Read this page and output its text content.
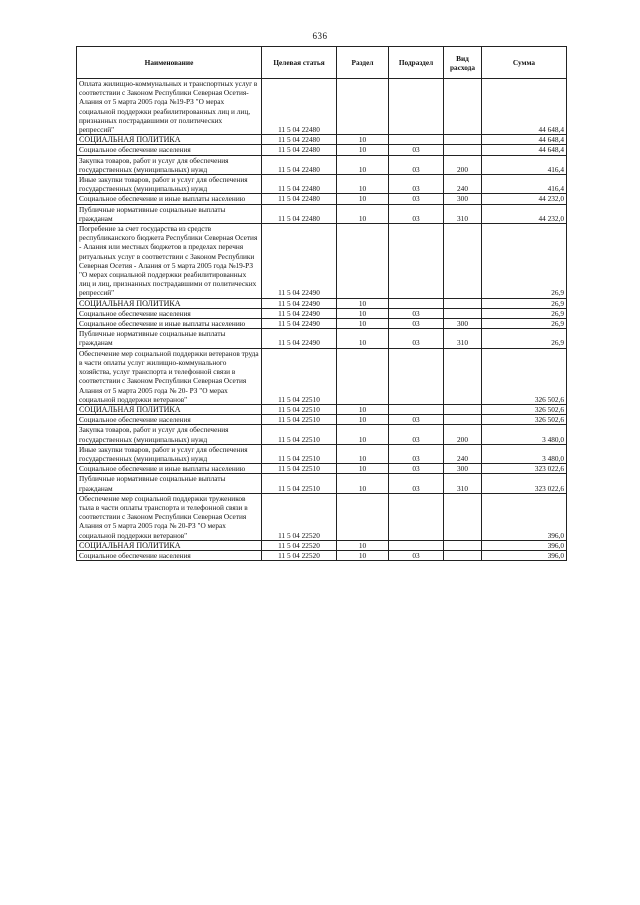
636
Наименование	Целевая статья	Раздел	Подраздел	Вид расхода	Сумма
Оплата жилищно-коммунальных и транспортных услуг в соответствии с Законом Республики Северная Осетия-Алания от 5 марта 2005 года №19-РЗ "О мерах социальной поддержки реабилитированных лиц и лиц, признанных пострадавшими от политических репрессий"	11 5 04 22480				44 648,4
СОЦИАЛЬНАЯ ПОЛИТИКА	11 5 04 22480	10			44 648,4
Социальное обеспечение населения	11 5 04 22480	10	03		44 648,4
Закупка товаров, работ и услуг для обеспечения государственных (муниципальных) нужд	11 5 04 22480	10	03	200	416,4
Иные закупки товаров, работ и услуг для обеспечения государственных (муниципальных) нужд	11 5 04 22480	10	03	240	416,4
Социальное обеспечение и иные выплаты населению	11 5 04 22480	10	03	300	44 232,0
Публичные нормативные социальные выплаты гражданам	11 5 04 22480	10	03	310	44 232,0
Погребение за счет государства из средств республиканского бюджета Республики Северная Осетия - Алания или местных бюджетов в пределах перечня ритуальных услуг в соответствии с Законом Республики Северная Осетия - Алания от 5 марта 2005 года №19-РЗ "О мерах социальной поддержки реабилитированных лиц и лиц, признанных пострадавшими от политических репрессий"	11 5 04 22490				26,9
СОЦИАЛЬНАЯ ПОЛИТИКА	11 5 04 22490	10			26,9
Социальное обеспечение населения	11 5 04 22490	10	03		26,9
Социальное обеспечение и иные выплаты населению	11 5 04 22490	10	03	300	26,9
Публичные нормативные социальные выплаты гражданам	11 5 04 22490	10	03	310	26,9
Обеспечение мер социальной поддержки ветеранов труда в части оплаты услуг жилищно-коммунального хозяйства, услуг транспорта и телефонной связи в соответствии с Законом Республики Северная Осетия Алания от 5 марта 2005 года № 20- РЗ "О мерах социальной поддержки ветеранов"	11 5 04 22510				326 502,6
СОЦИАЛЬНАЯ ПОЛИТИКА	11 5 04 22510	10			326 502,6
Социальное обеспечение населения	11 5 04 22510	10	03		326 502,6
Закупка товаров, работ и услуг для обеспечения государственных (муниципальных) нужд	11 5 04 22510	10	03	200	3 480,0
Иные закупки товаров, работ и услуг для обеспечения государственных (муниципальных) нужд	11 5 04 22510	10	03	240	3 480,0
Социальное обеспечение и иные выплаты населению	11 5 04 22510	10	03	300	323 022,6
Публичные нормативные социальные выплаты гражданам	11 5 04 22510	10	03	310	323 022,6
Обеспечение мер социальной поддержки тружеников тыла в части оплаты транспорта и телефонной связи в соответствии с Законом Республики Северная Осетия Алания от 5 марта 2005 года № 20-РЗ "О мерах социальной поддержки ветеранов"	11 5 04 22520				396,0
СОЦИАЛЬНАЯ ПОЛИТИКА	11 5 04 22520	10			396,0
Социальное обеспечение населения	11 5 04 22520	10	03		396,0
